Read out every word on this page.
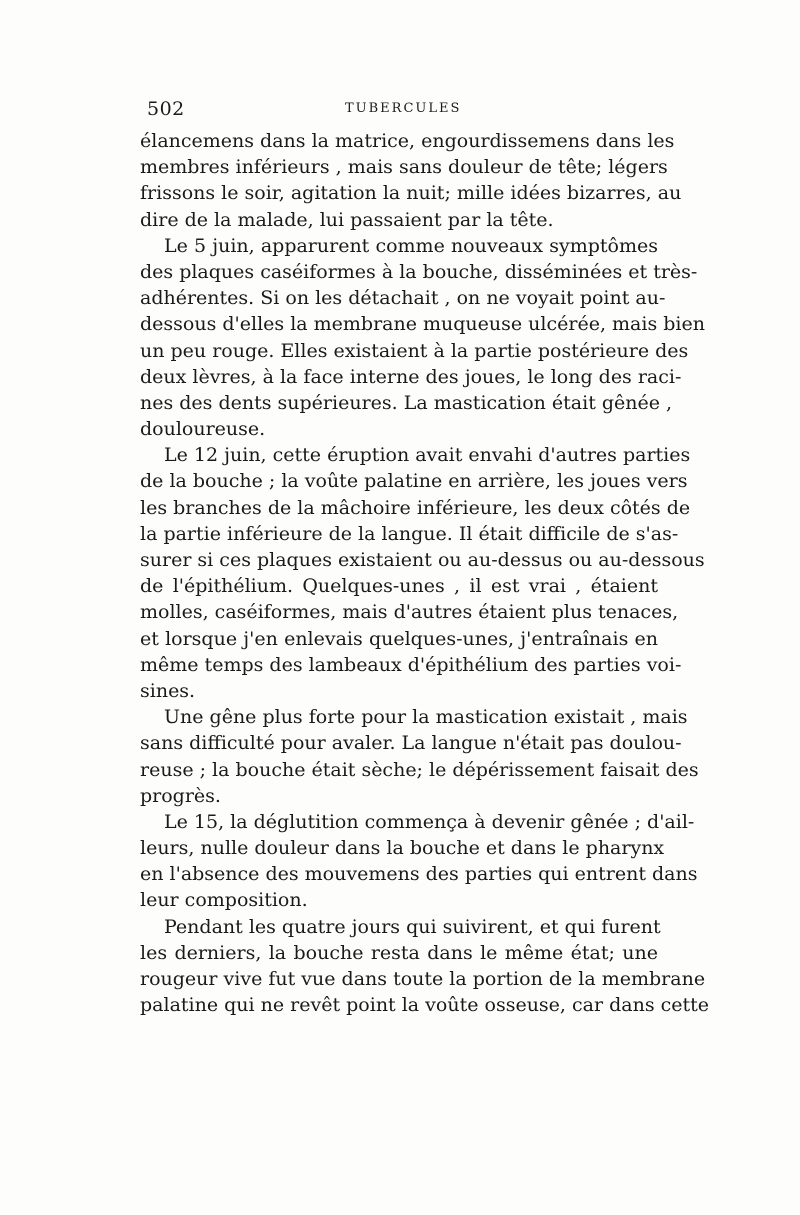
502	TUBERCULES
élancemens dans la matrice, engourdissemens dans les
membres inférieurs , mais sans douleur de tête; légers
frissons le soir, agitation la nuit; mille idées bizarres, au
dire de la malade, lui passaient par la tête.
Le 5 juin, apparurent comme nouveaux symptômes
des plaques caséiformes à la bouche, disséminées et très-
adhérentes. Si on les détachait , on ne voyait point au-
dessous d'elles la membrane muqueuse ulcérée, mais bien
un peu rouge. Elles existaient à la partie postérieure des
deux lèvres, à la face interne des joues, le long des raci-
nes des dents supérieures. La mastication était gênée ,
douloureuse.
Le 12 juin, cette éruption avait envahi d'autres parties
de la bouche ; la voûte palatine en arrière, les joues vers
les branches de la mâchoire inférieure, les deux côtés de
la partie inférieure de la langue. Il était difficile de s'as-
surer si ces plaques existaient ou au-dessus ou au-dessous
de l'épithélium. Quelques-unes , il est vrai , étaient
molles, caséiformes, mais d'autres étaient plus tenaces,
et lorsque j'en enlevais quelques-unes, j'entraînais en
même temps des lambeaux d'épithélium des parties voi-
sines.
Une gêne plus forte pour la mastication existait , mais
sans difficulté pour avaler. La langue n'était pas doulou-
reuse ; la bouche était sèche; le dépérissement faisait des
progrès.
Le 15, la déglutition commença à devenir gênée ; d'ail-
leurs, nulle douleur dans la bouche et dans le pharynx
en l'absence des mouvemens des parties qui entrent dans
leur composition.
Pendant les quatre jours qui suivirent, et qui furent
les derniers, la bouche resta dans le même état; une
rougeur vive fut vue dans toute la portion de la membrane
palatine qui ne revêt point la voûte osseuse, car dans cette
